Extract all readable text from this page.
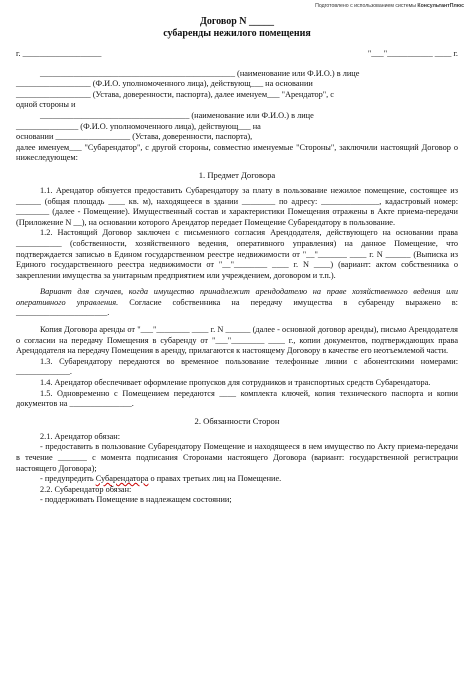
Подготовлено с использованием системы КонсультантПлюс
Договор N _____
субаренды нежилого помещения
г. ___________________	"___"___________ ____ г.

_______________________________________________ (наименование или Ф.И.О.) в лице

__________________ (Ф.И.О. уполномоченного лица), действующ___ на основании

__________________ (Устава, доверенности, паспорта), далее именуем___ "Арендатор", с

одной стороны и

____________________________________ (наименование или Ф.И.О.) в лице

_______________ (Ф.И.О. уполномоченного лица), действующ___ на

основании __________________ (Устава, доверенности, паспорта),

далее именуем___ "Субарендатор", с другой стороны, совместно именуемые "Стороны", заключили настоящий Договор о нижеследующем:

1. Предмет Договора

1.1. Арендатор обязуется предоставить Субарендатору за плату в пользование нежилое помещение, состоящее из ______ (общая площадь ____ кв. м), находящееся в здании ________ по адресу: ______________, кадастровый номер: ________ (далее - Помещение). Имущественный состав и характеристики Помещения отражены в Акте приема-передачи (Приложение N __), на основании которого Арендатор передает Помещение Субарендатору в пользование.

1.2. Настоящий Договор заключен с письменного согласия Арендодателя, действующего на основании права ___________ (собственности, хозяйственного ведения, оперативного управления) на данное Помещение, что подтверждается записью в Едином государственном реестре недвижимости от "__"_______ ____ г. N ______ (Выписка из Единого государственного реестра недвижимости от "__"________ ____ г. N ____) (вариант: актом собственника о закреплении имущества за унитарным предприятием или учреждением, договором и т.п.).

Вариант для случаев, когда имущество принадлежит арендодателю на праве хозяйственного ведения или оперативного управления. Согласие собственника на передачу имущества в субаренду выражено в: ______________________.

Копия Договора аренды от "___"________ ____ г. N ______ (далее - основной договор аренды), письмо Арендодателя о согласии на передачу Помещения в субаренду от "___"________ ____ г., копии документов, подтверждающих права Арендодателя на передачу Помещения в аренду, прилагаются к настоящему Договору в качестве его неотъемлемой части.

1.3. Субарендатору передаются во временное пользование телефонные линии с абонентскими номерами: _____________.

1.4. Арендатор обеспечивает оформление пропусков для сотрудников и транспортных средств Субарендатора.

1.5. Одновременно с Помещением передаются ____ комплекта ключей, копия технического паспорта и копии документов на _______________.

2. Обязанности Сторон

2.1. Арендатор обязан:

- предоставить в пользование Субарендатору Помещение и находящееся в нем имущество по Акту приема-передачи в течение _______ с момента подписания Сторонами настоящего Договора (вариант: государственной регистрации настоящего Договора);

- предупредить Субарендатора о правах третьих лиц на Помещение.

2.2. Субарендатор обязан:

- поддерживать Помещение в надлежащем состоянии;
